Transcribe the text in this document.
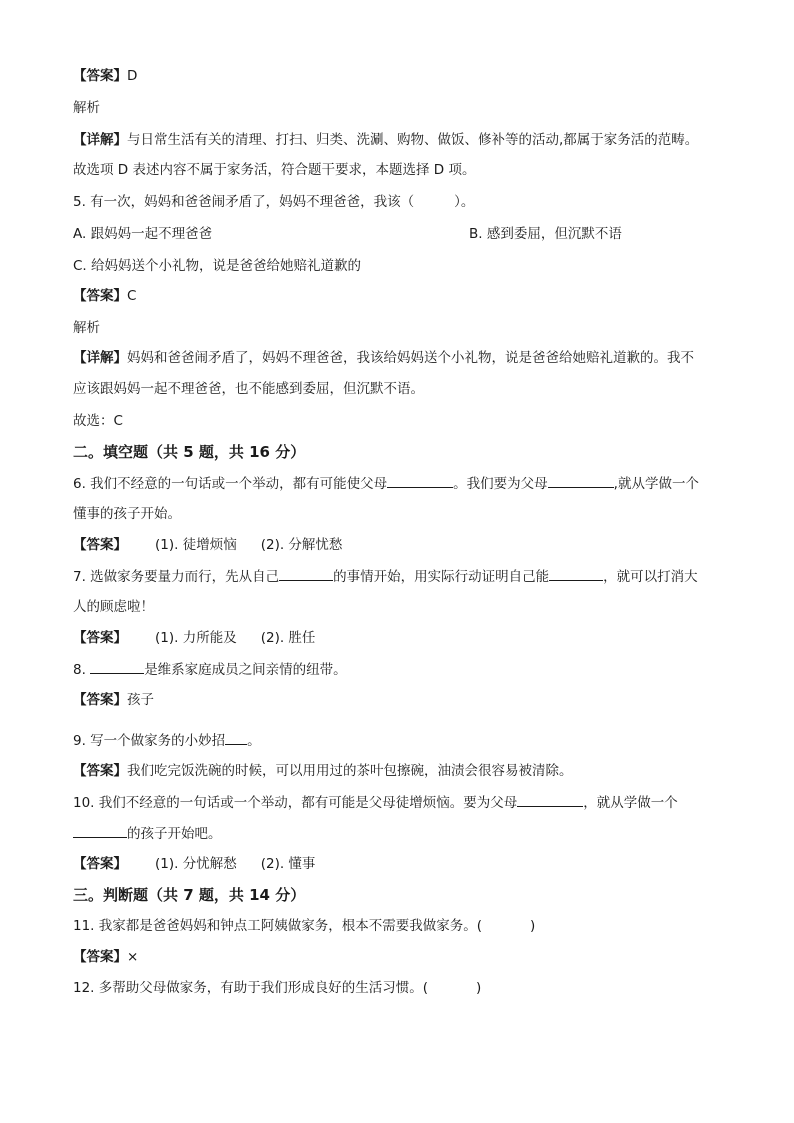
【答案】D
解析
【详解】与日常生活有关的清理、打扫、归类、洗涮、购物、做饭、修补等的活动,都属于家务活的范畴。
故选项 D 表述内容不属于家务活，符合题干要求，本题选择 D 项。
5. 有一次，妈妈和爸爸闹矛盾了，妈妈不理爸爸，我该（	）。
A. 跟妈妈一起不理爸爸	B. 感到委屈，但沉默不语
C. 给妈妈送个小礼物，说是爸爸给她赔礼道歉的
【答案】C
解析
【详解】妈妈和爸爸闹矛盾了，妈妈不理爸爸，我该给妈妈送个小礼物，说是爸爸给她赔礼道歉的。我不
应该跟妈妈一起不理爸爸，也不能感到委屈，但沉默不语。
故选：C
二。填空题（共 5 题，共 16 分）
6. 我们不经意的一句话或一个举动，都有可能使父母	。我们要为父母	,就从学做一个
懂事的孩子开始。
【答案】 (1). 徒增烦恼 (2). 分解忧愁
7. 选做家务要量力而行，先从自己	的事情开始，用实际行动证明自己能	，就可以打消大
人的顾虑啦！
【答案】 (1). 力所能及 (2). 胜任
8.	是维系家庭成员之间亲情的纽带。
【答案】孩子
9. 写一个做家务的小妙招 。
【答案】我们吃完饭洗碗的时候，可以用用过的茶叶包擦碗，油渍会很容易被清除。
10. 我们不经意的一句话或一个举动，都有可能是父母徒增烦恼。要为父母	，就从学做一个
的孩子开始吧。
【答案】 (1). 分忧解愁 (2). 懂事
三。判断题（共 7 题，共 14 分）
11. 我家都是爸爸妈妈和钟点工阿姨做家务，根本不需要我做家务。(	)
【答案】×
12. 多帮助父母做家务，有助于我们形成良好的生活习惯。(	)
